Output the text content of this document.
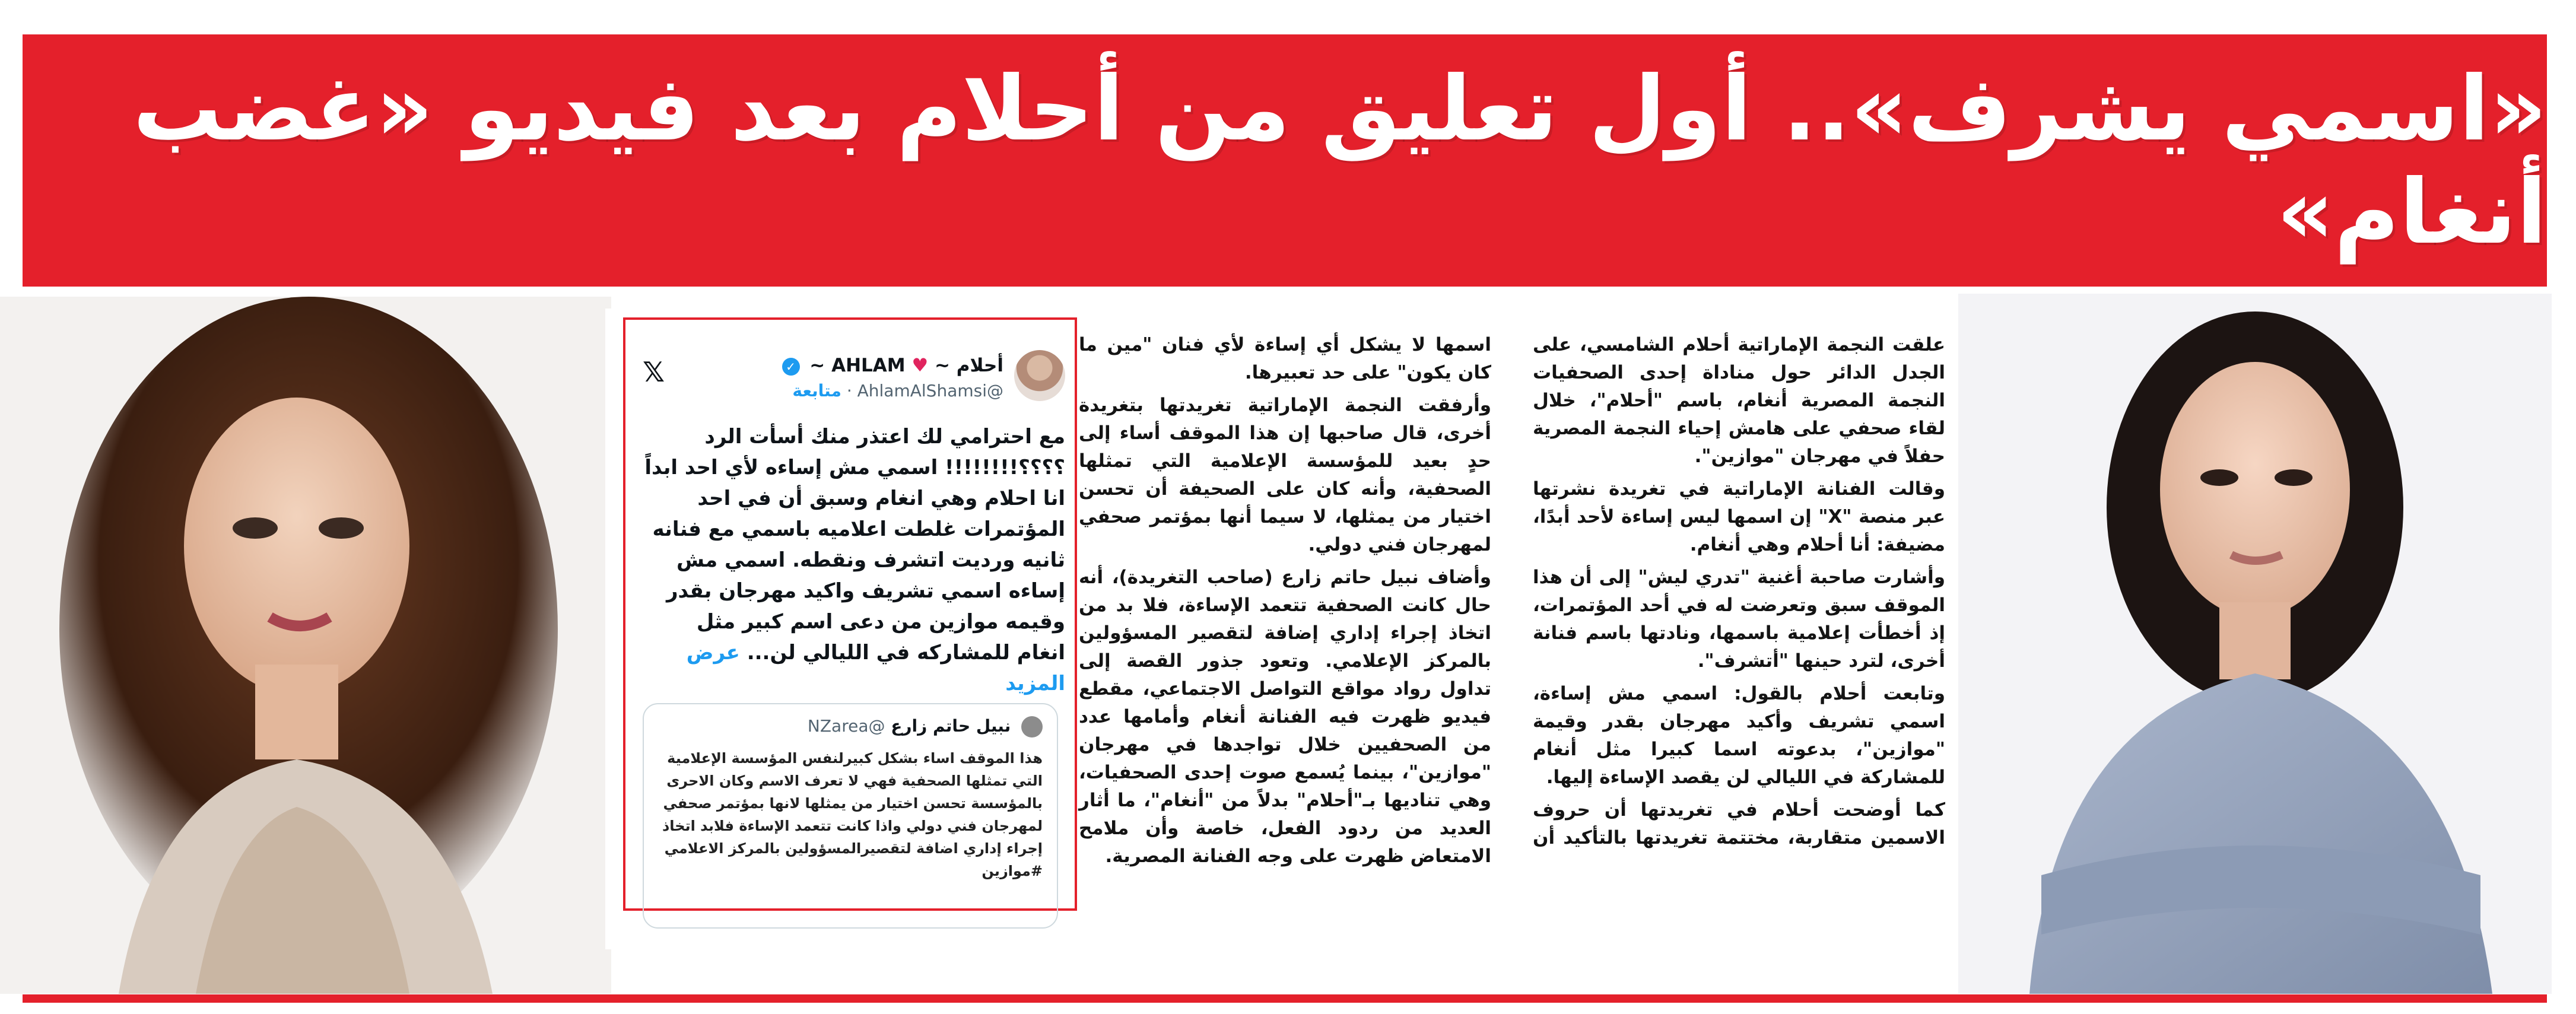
«اسمي يشرف».. أول تعليق من أحلام بعد فيديو «غضب أنغام»

علقت النجمة الإماراتية أحلام الشامسي، على الجدل الدائر حول مناداة إحدى الصحفيات النجمة المصرية أنغام، باسم "أحلام"، خلال لقاء صحفي على هامش إحياء النجمة المصرية حفلاً في مهرجان "موازين".

وقالت الفنانة الإماراتية في تغريدة نشرتها عبر منصة "X" إن اسمها ليس إساءة لأحد أبدًا، مضيفة: أنا أحلام وهي أنغام.

وأشارت صاحبة أغنية "تدري ليش" إلى أن هذا الموقف سبق وتعرضت له في أحد المؤتمرات، إذ أخطأت إعلامية باسمها، ونادتها باسم فنانة أخرى، لترد حينها "أتشرف".

وتابعت أحلام بالقول: اسمي مش إساءة، اسمي تشريف وأكيد مهرجان بقدر وقيمة "موازين"، بدعوته اسما كبيرا مثل أنغام للمشاركة في الليالي لن يقصد الإساءة إليها.

كما أوضحت أحلام في تغريدتها أن حروف الاسمين متقاربة، مختتمة تغريدتها بالتأكيد أن اسمها لا يشكل أي إساءة لأي فنان "مين ما كان يكون" على حد تعبيرها.

وأرفقت النجمة الإماراتية تغريدتها بتغريدة أخرى، قال صاحبها إن هذا الموقف أساء إلى حدٍ بعيد للمؤسسة الإعلامية التي تمثلها الصحفية، وأنه كان على الصحيفة أن تحسن اختيار من يمثلها، لا سيما أنها بمؤتمر صحفي لمهرجان فني دولي.

وأضاف نبيل حاتم زارع (صاحب التغريدة)، أنه حال كانت الصحفية تتعمد الإساءة، فلا بد من اتخاذ إجراء إداري إضافة لتقصير المسؤولين بالمركز الإعلامي. وتعود جذور القصة إلى تداول رواد مواقع التواصل الاجتماعي، مقطع فيديو ظهرت فيه الفنانة أنغام وأمامها عدد من الصحفيين خلال تواجدها في مهرجان "موازين"، بينما يُسمع صوت إحدى الصحفيات، وهي تناديها بـ"أحلام" بدلاً من "أنغام"، ما أثار العديد من ردود الفعل، خاصة وأن ملامح الامتعاض ظهرت على وجه الفنانة المصرية.

أحلام ~ ♥ AHLAM ~ ✓
@AhlamAlShamsi · متابعة
𝕏
مع احترامي لك اعتذر منك أسأت الرد ؟؟؟؟!!!!!!!! اسمي مش إساءه لأي احد ابداً انا احلام وهي انغام وسبق أن في احد المؤتمرات غلطت اعلاميه باسمي مع فنانه ثانيه ورديت اتشرف ونقطه. اسمي مش إساءه اسمي تشريف واكيد مهرجان بقدر وقيمه موازين من دعى اسم كبير مثل انغام للمشاركه في الليالي لن... عرض المزيد
نبيل حاتم زارع @NZarea
هذا الموقف اساء بشكل كبيرلنفس المؤسسة الإعلامية التي تمثلها الصحفية فهي لا تعرف الاسم وكان الاحرى بالمؤسسة تحسن اختيار من يمثلها لانها بمؤتمر صحفي لمهرجان فني دولي واذا كانت تتعمد الإساءة فلابد اتخاذ إجراء إداري اضافة لتقصيرالمسؤولين بالمركز الاعلامي #موازين
